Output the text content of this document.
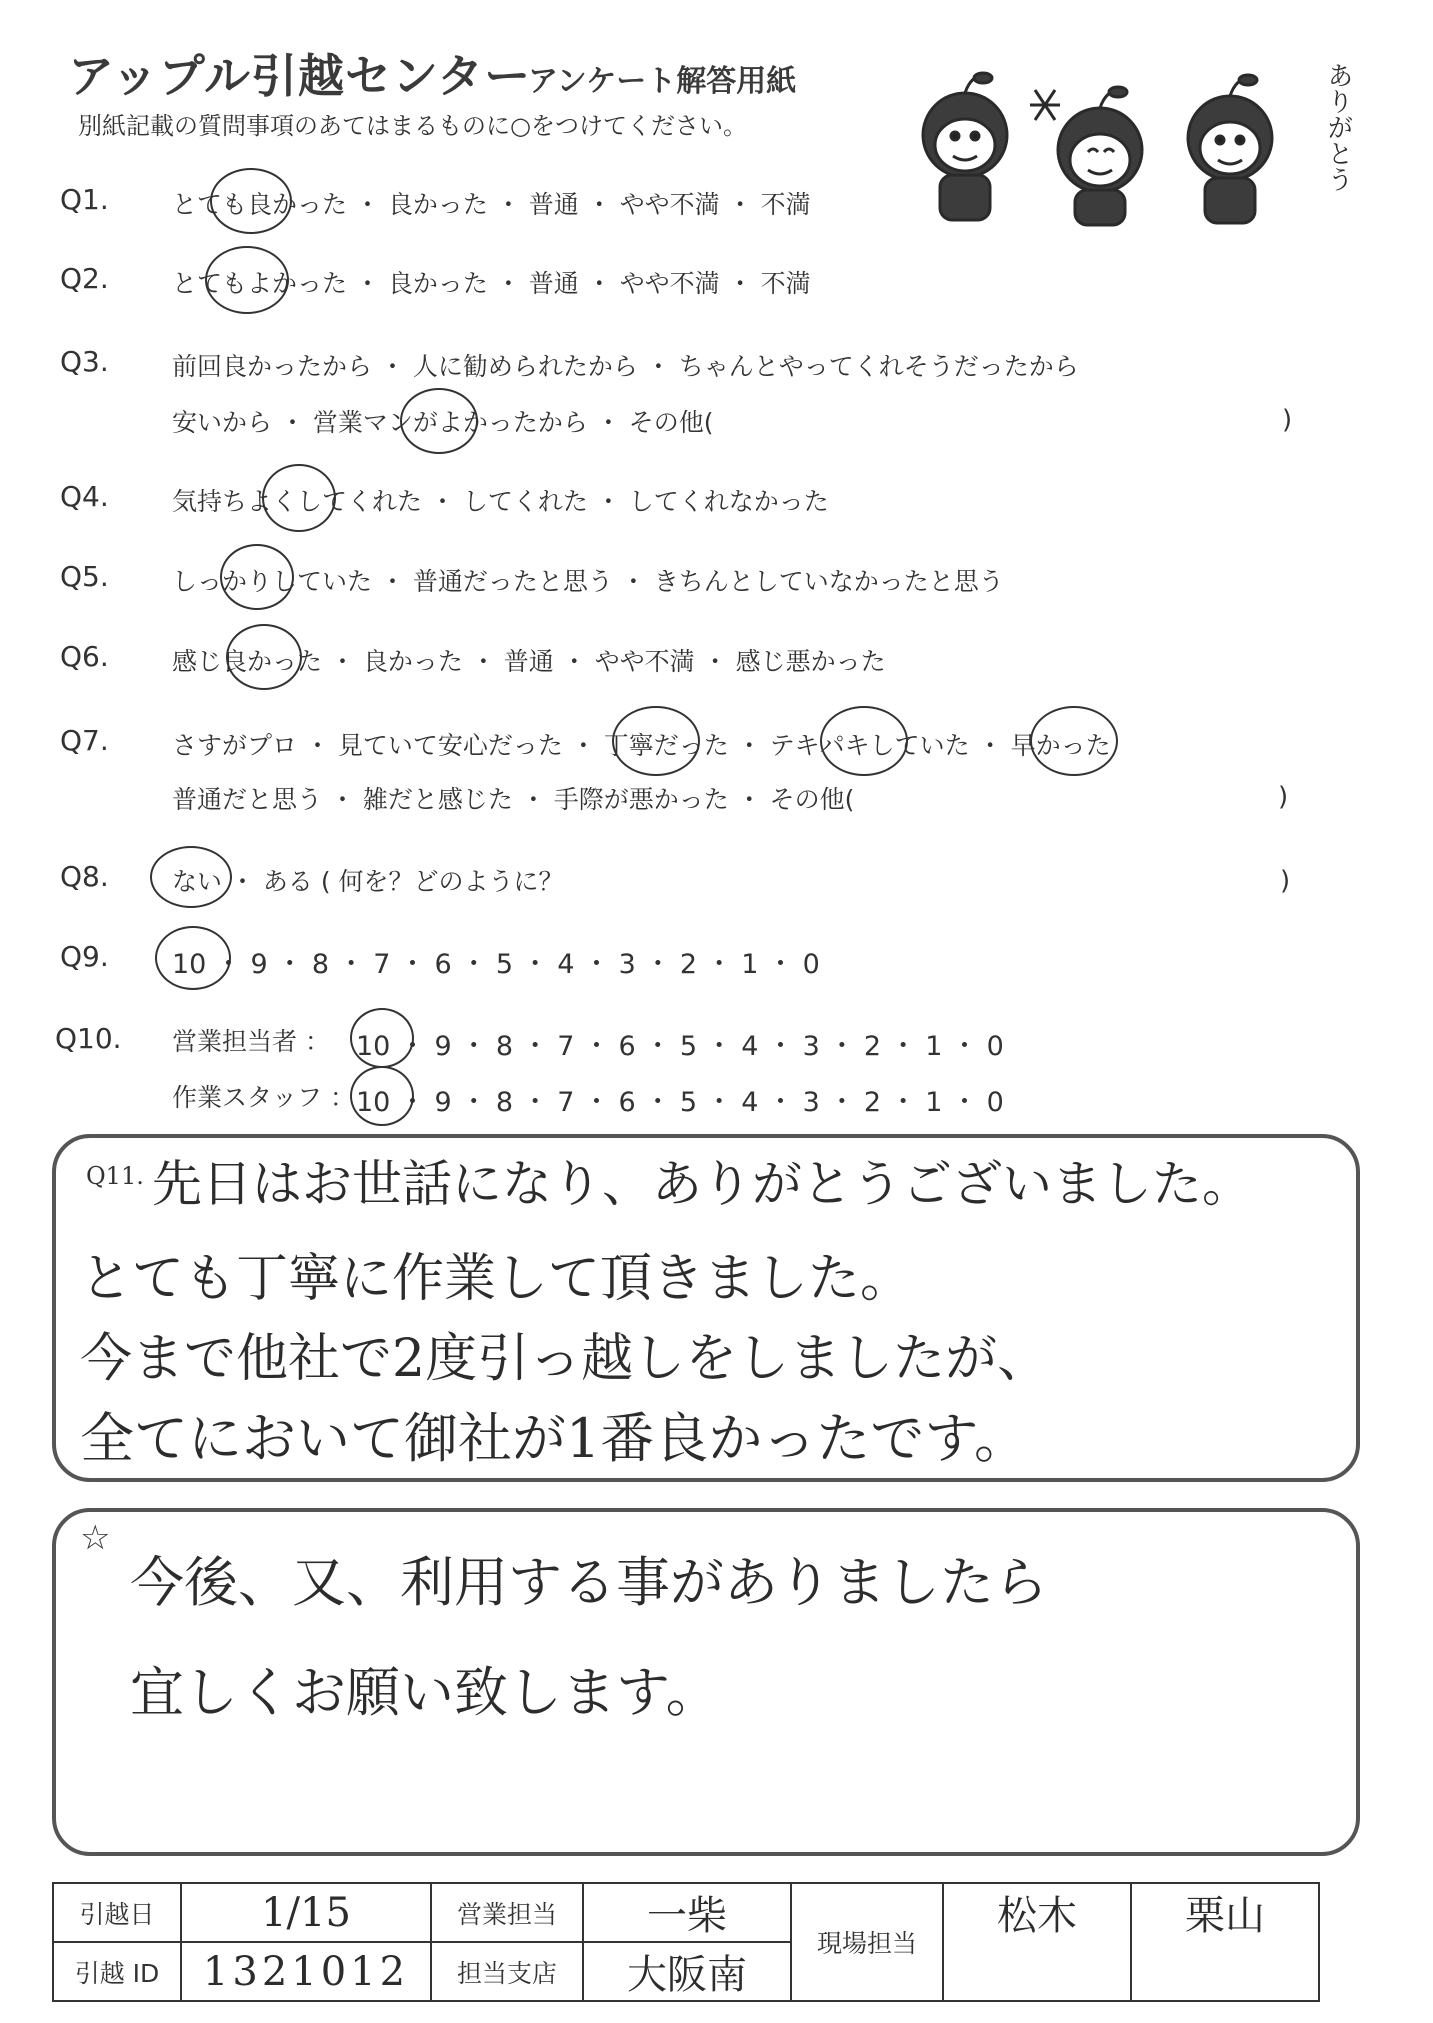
アップル引越センター
アンケート解答用紙
別紙記載の質問事項のあてはまるものに○をつけてください。	ありがとう
Q1.	とても良かった ・ 良かった ・ 普通 ・ やや不満 ・ 不満
Q2.	とてもよかった ・ 良かった ・ 普通 ・ やや不満 ・ 不満
Q3.	前回良かったから ・ 人に勧められたから ・ ちゃんとやってくれそうだったから
安いから ・ 営業マンがよかったから ・ その他(	)
Q4.	気持ちよくしてくれた ・ してくれた ・ してくれなかった
Q5.	しっかりしていた ・ 普通だったと思う ・ きちんとしていなかったと思う
Q6.	感じ良かった ・ 良かった ・ 普通 ・ やや不満 ・ 感じ悪かった
Q7.	さすがプロ ・ 見ていて安心だった ・ 丁寧だった ・ テキパキしていた ・ 早かった
普通だと思う ・ 雑だと感じた ・ 手際が悪かった ・ その他(	)
Q8.	ない ・ ある ( 何を？どのように？	)
Q9. 10 ・ 9 ・ 8 ・ 7 ・ 6 ・ 5 ・ 4 ・ 3 ・ 2 ・ 1 ・ 0
Q10. 営業担当者 ： 10 ・ 9 ・ 8 ・ 7 ・ 6 ・ 5 ・ 4 ・ 3 ・ 2 ・ 1 ・ 0
作業スタッフ ： 10 ・ 9 ・ 8 ・ 7 ・ 6 ・ 5 ・ 4 ・ 3 ・ 2 ・ 1 ・ 0
Q11. 先日はお世話になり、ありがとうございました。
とても丁寧に作業して頂きました。
今まで他社で2度引っ越しをしましたが、
全てにおいて御社が1番良かったです。
☆
今後、又、利用する事がありましたら
宜しくお願い致します。
引越日	1/15	営業担当	一柴	現場担当	松木	栗山
引越 ID	1321012	担当支店	大阪南			
